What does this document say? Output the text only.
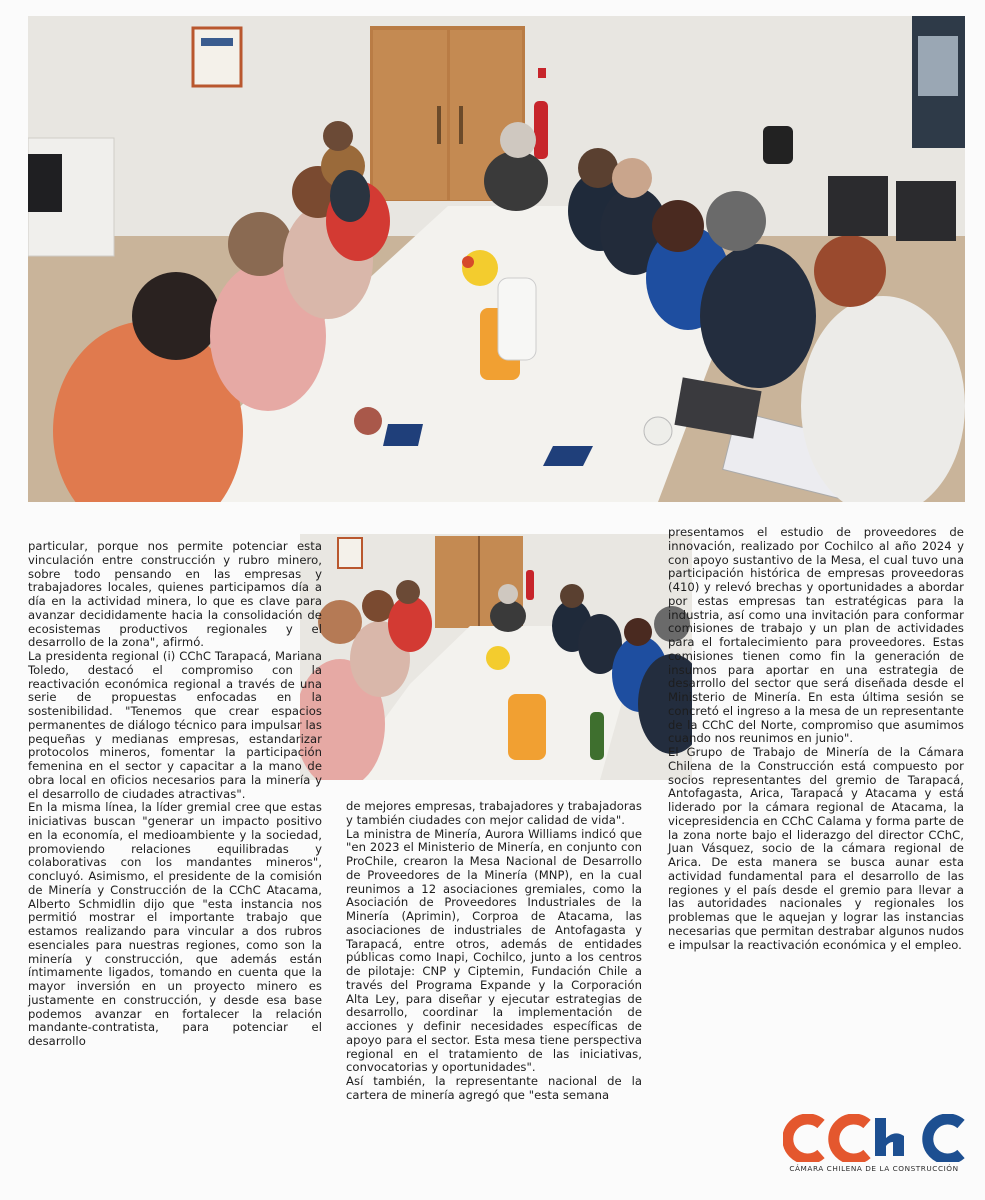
particular, porque nos permite potenciar esta vinculación entre construcción y rubro minero, sobre todo pensando en las empresas y trabajadores locales, quienes participamos día a día en la actividad minera, lo que es clave para avanzar decididamente hacia la consolidación de ecosistemas productivos regionales y el desarrollo de la zona", afirmó.

La presidenta regional (i) CChC Tarapacá, Mariana Toledo, destacó el compromiso con la reactivación económica regional a través de una serie de propuestas enfocadas en la sostenibilidad. "Tenemos que crear espacios permanentes de diálogo técnico para impulsar las pequeñas y medianas empresas, estandarizar protocolos mineros, fomentar la participación femenina en el sector y capacitar a la mano de obra local en oficios necesarios para la minería y el desarrollo de ciudades atractivas".

En la misma línea, la líder gremial cree que estas iniciativas buscan "generar un impacto positivo en la economía, el medioambiente y la sociedad, promoviendo relaciones equilibradas y colaborativas con los mandantes mineros", concluyó. Asimismo, el presidente de la comisión de Minería y Construcción de la CChC Atacama, Alberto Schmidlin dijo que "esta instancia nos permitió mostrar el importante trabajo que estamos realizando para vincular a dos rubros esenciales para nuestras regiones, como son la minería y construcción, que además están íntimamente ligados, tomando en cuenta que la mayor inversión en un proyecto minero es justamente en construcción, y desde esa base podemos avanzar en fortalecer la relación mandante-contratista, para potenciar el desarrollo

de mejores empresas, trabajadores y trabajadoras y también ciudades con mejor calidad de vida".

La ministra de Minería, Aurora Williams indicó que "en 2023 el Ministerio de Minería, en conjunto con ProChile, crearon la Mesa Nacional de Desarrollo de Proveedores de la Minería (MNP), en la cual reunimos a 12 asociaciones gremiales, como la Asociación de Proveedores Industriales de la Minería (Aprimin), Corproa de Atacama, las asociaciones de industriales de Antofagasta y Tarapacá, entre otros, además de entidades públicas como Inapi, Cochilco, junto a los centros de pilotaje: CNP y Ciptemin, Fundación Chile a través del Programa Expande y la Corporación Alta Ley, para diseñar y ejecutar estrategias de desarrollo, coordinar la implementación de acciones y definir necesidades específicas de apoyo para el sector. Esta mesa tiene perspectiva regional en el tratamiento de las iniciativas, convocatorias y oportunidades".

Así también, la representante nacional de la cartera de minería agregó que "esta semana

presentamos el estudio de proveedores de innovación, realizado por Cochilco al año 2024 y con apoyo sustantivo de la Mesa, el cual tuvo una participación histórica de empresas proveedoras (410) y relevó brechas y oportunidades a abordar por estas empresas tan estratégicas para la industria, así como una invitación para conformar comisiones de trabajo y un plan de actividades para el fortalecimiento para proveedores. Estas comisiones tienen como fin la generación de insumos para aportar en una estrategia de desarrollo del sector que será diseñada desde el Ministerio de Minería. En esta última sesión se concretó el ingreso a la mesa de un representante de la CChC del Norte, compromiso que asumimos cuando nos reunimos en junio".

El Grupo de Trabajo de Minería de la Cámara Chilena de la Construcción está compuesto por socios representantes del gremio de Tarapacá, Antofagasta, Arica, Tarapacá y Atacama y está liderado por la cámara regional de Atacama, la vicepresidencia en CChC Calama y forma parte de la zona norte bajo el liderazgo del director CChC, Juan Vásquez, socio de la cámara regional de Arica. De esta manera se busca aunar esta actividad fundamental para el desarrollo de las regiones y el país desde el gremio para llevar a las autoridades nacionales y regionales los problemas que le aquejan y lograr las instancias necesarias que permitan destrabar algunos nudos e impulsar la reactivación económica y el empleo.

CÁMARA CHILENA DE LA CONSTRUCCIÓN
